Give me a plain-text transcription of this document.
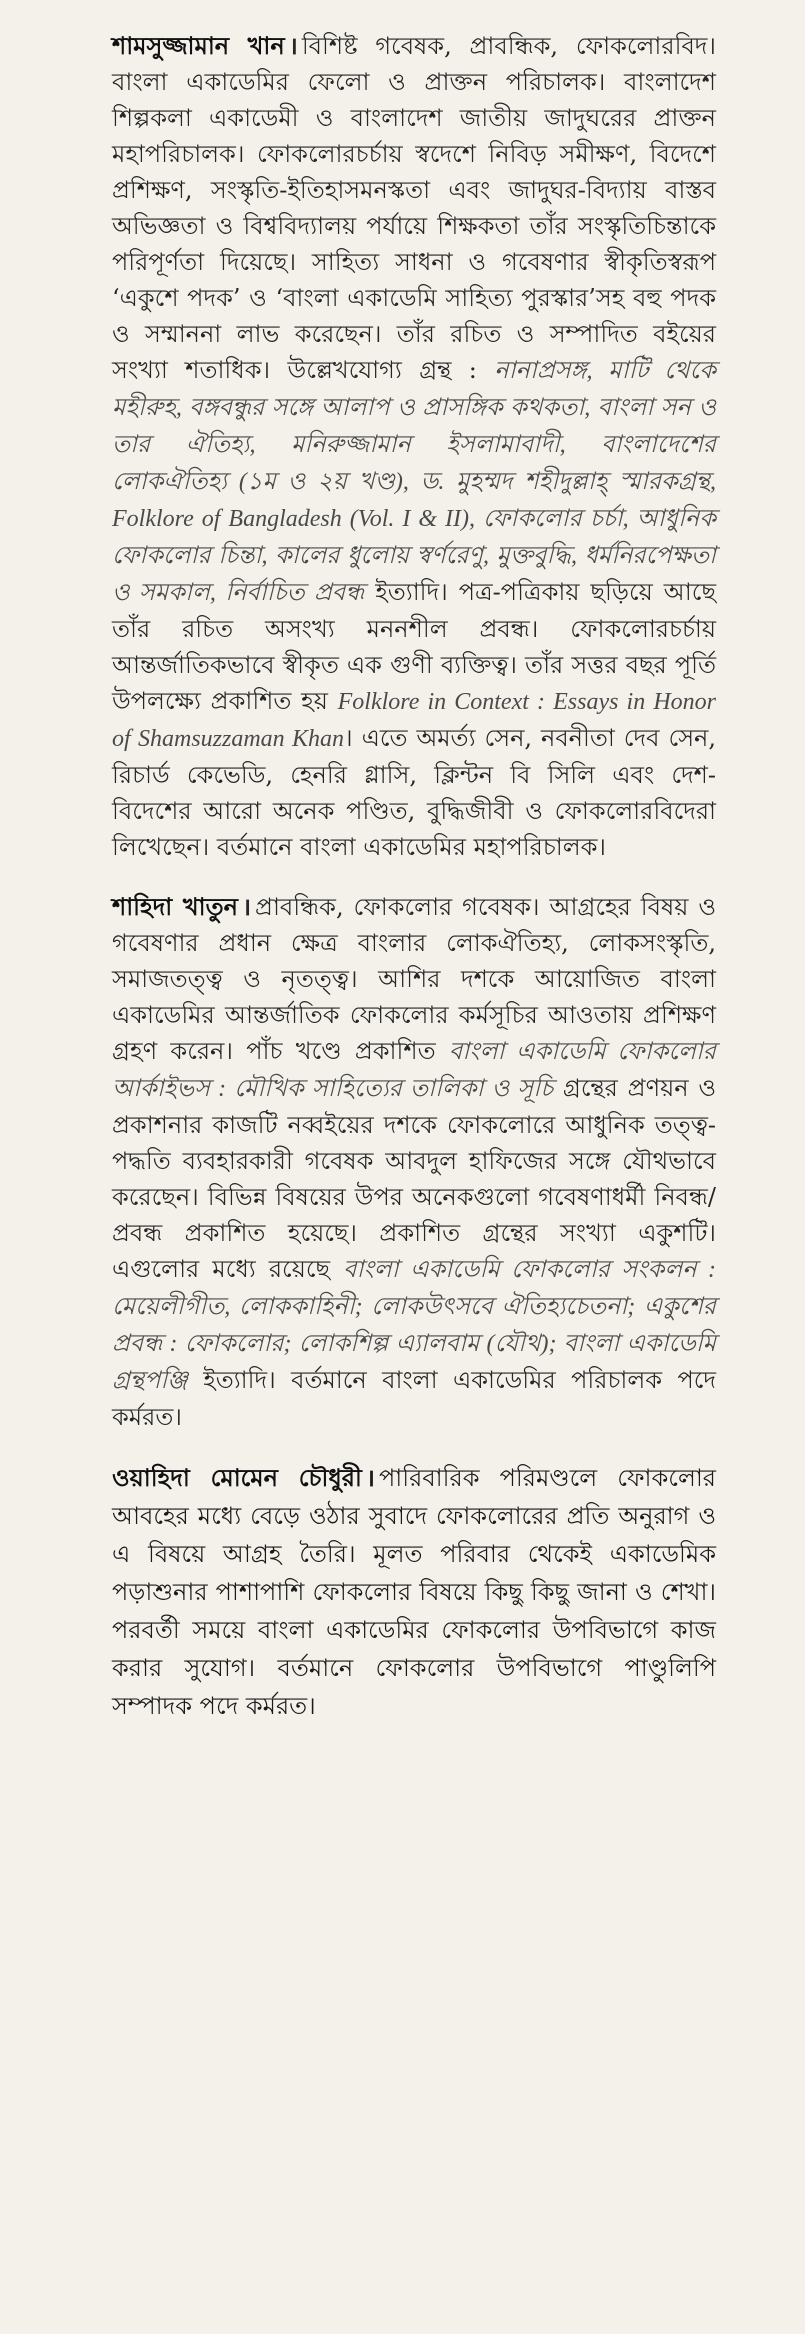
শামসুজ্জামান খান । বিশিষ্ট গবেষক, প্রাবন্ধিক, ফোকলোরবিদ। বাংলা একাডেমির ফেলো ও প্রাক্তন পরিচালক। বাংলাদেশ শিল্পকলা একাডেমী ও বাংলাদেশ জাতীয় জাদুঘরের প্রাক্তন মহাপরিচালক। ফোকলোরচর্চায় স্বদেশে নিবিড় সমীক্ষণ, বিদেশে প্রশিক্ষণ, সংস্কৃতি-ইতিহাসমনস্কতা এবং জাদুঘর-বিদ্যায় বাস্তব অভিজ্ঞতা ও বিশ্ববিদ্যালয় পর্যায়ে শিক্ষকতা তাঁর সংস্কৃতিচিন্তাকে পরিপূর্ণতা দিয়েছে। সাহিত্য সাধনা ও গবেষণার স্বীকৃতিস্বরূপ ‘একুশে পদক’ ও ‘বাংলা একাডেমি সাহিত্য পুরস্কার’সহ বহু পদক ও সম্মাননা লাভ করেছেন। তাঁর রচিত ও সম্পাদিত বইয়ের সংখ্যা শতাধিক। উল্লেখযোগ্য গ্রন্থ : নানাপ্রসঙ্গ, মাটি থেকে মহীরুহ, বঙ্গবন্ধুর সঙ্গে আলাপ ও প্রাসঙ্গিক কথকতা, বাংলা সন ও তার ঐতিহ্য, মনিরুজ্জামান ইসলামাবাদী, বাংলাদেশের লোকঐতিহ্য (১ম ও ২য় খণ্ড), ড. মুহম্মদ শহীদুল্লাহ্ স্মারকগ্রন্থ, Folklore of Bangladesh (Vol. I & II), ফোকলোর চর্চা, আধুনিক ফোকলোর চিন্তা, কালের ধুলোয় স্বর্ণরেণু, মুক্তবুদ্ধি, ধর্মনিরপেক্ষতা ও সমকাল, নির্বাচিত প্রবন্ধ ইত্যাদি। পত্র-পত্রিকায় ছড়িয়ে আছে তাঁর রচিত অসংখ্য মননশীল প্রবন্ধ। ফোকলোরচর্চায় আন্তর্জাতিকভাবে স্বীকৃত এক গুণী ব্যক্তিত্ব। তাঁর সত্তর বছর পূর্তি উপলক্ষ্যে প্রকাশিত হয় Folklore in Context : Essays in Honor of Shamsuzzaman Khan। এতে অমর্ত্য সেন, নবনীতা দেব সেন, রিচার্ড কেভেডি, হেনরি গ্লাসি, ক্লিন্টন বি সিলি এবং দেশ-বিদেশের আরো অনেক পণ্ডিত, বুদ্ধিজীবী ও ফোকলোরবিদেরা লিখেছেন। বর্তমানে বাংলা একাডেমির মহাপরিচালক।

শাহিদা খাতুন । প্রাবন্ধিক, ফোকলোর গবেষক। আগ্রহের বিষয় ও গবেষণার প্রধান ক্ষেত্র বাংলার লোকঐতিহ্য, লোকসংস্কৃতি, সমাজতত্ত্ব ও নৃতত্ত্ব। আশির দশকে আয়োজিত বাংলা একাডেমির আন্তর্জাতিক ফোকলোর কর্মসূচির আওতায় প্রশিক্ষণ গ্রহণ করেন। পাঁচ খণ্ডে প্রকাশিত বাংলা একাডেমি ফোকলোর আর্কাইভস : মৌখিক সাহিত্যের তালিকা ও সূচি গ্রন্থের প্রণয়ন ও প্রকাশনার কাজটি নব্বইয়ের দশকে ফোকলোরে আধুনিক তত্ত্ব-পদ্ধতি ব্যবহারকারী গবেষক আবদুল হাফিজের সঙ্গে যৌথভাবে করেছেন। বিভিন্ন বিষয়ের উপর অনেকগুলো গবেষণাধর্মী নিবন্ধ/প্রবন্ধ প্রকাশিত হয়েছে। প্রকাশিত গ্রন্থের সংখ্যা একুশটি। এগুলোর মধ্যে রয়েছে বাংলা একাডেমি ফোকলোর সংকলন : মেয়েলীগীত, লোককাহিনী; লোকউৎসবে ঐতিহ্যচেতনা; একুশের প্রবন্ধ : ফোকলোর; লোকশিল্প এ্যালবাম (যৌথ); বাংলা একাডেমি গ্রন্থপঞ্জি ইত্যাদি। বর্তমানে বাংলা একাডেমির পরিচালক পদে কর্মরত।

ওয়াহিদা মোমেন চৌধুরী । পারিবারিক পরিমণ্ডলে ফোকলোর আবহের মধ্যে বেড়ে ওঠার সুবাদে ফোকলোরের প্রতি অনুরাগ ও এ বিষয়ে আগ্রহ তৈরি। মূলত পরিবার থেকেই একাডেমিক পড়াশুনার পাশাপাশি ফোকলোর বিষয়ে কিছু কিছু জানা ও শেখা। পরবর্তী সময়ে বাংলা একাডেমির ফোকলোর উপবিভাগে কাজ করার সুযোগ। বর্তমানে ফোকলোর উপবিভাগে পাণ্ডুলিপি সম্পাদক পদে কর্মরত।
